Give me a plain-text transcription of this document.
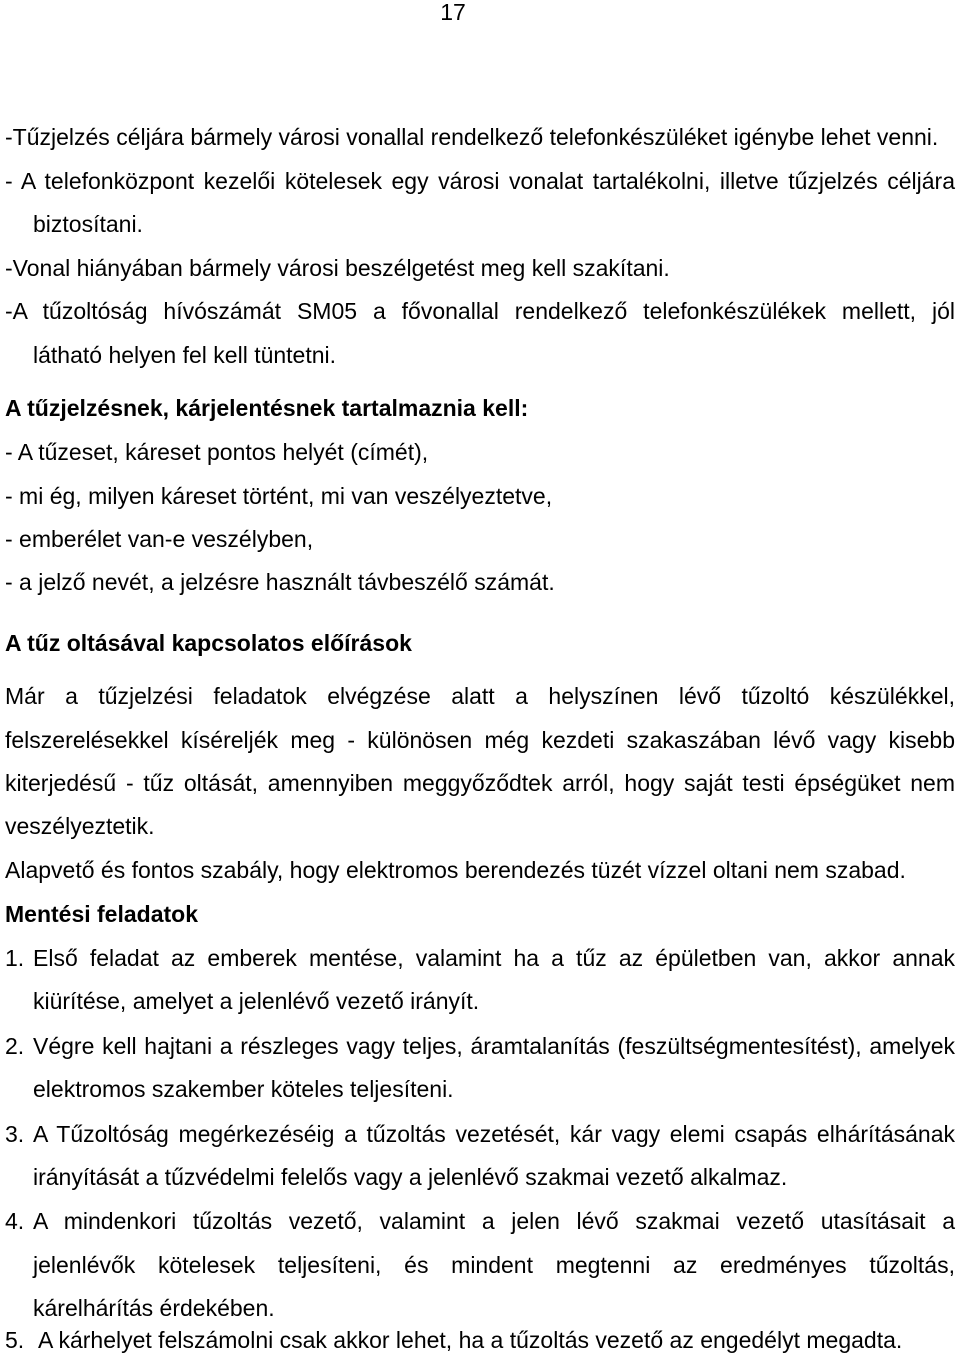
17
-Tűzjelzés céljára bármely városi vonallal rendelkező telefonkészüléket igénybe lehet venni.
- A telefonközpont kezelői kötelesek egy városi vonalat tartalékolni, illetve tűzjelzés céljára
biztosítani.
-Vonal hiányában bármely városi beszélgetést meg kell szakítani.
-A tűzoltóság hívószámát SM05 a fővonallal rendelkező telefonkészülékek mellett, jól
látható helyen fel kell tüntetni.
A tűzjelzésnek, kárjelentésnek tartalmaznia kell:
- A tűzeset, káreset pontos helyét (címét),
- mi ég, milyen káreset történt, mi van veszélyeztetve,
- emberélet van-e veszélyben,
- a jelző nevét, a jelzésre használt távbeszélő számát.
A tűz oltásával kapcsolatos előírások
Már a tűzjelzési feladatok elvégzése alatt a helyszínen lévő tűzoltó készülékkel,
felszerelésekkel kíséreljék meg - különösen még kezdeti szakaszában lévő vagy kisebb
kiterjedésű - tűz oltását, amennyiben meggyőződtek arról, hogy saját testi épségüket nem
veszélyeztetik.
Alapvető és fontos szabály, hogy elektromos berendezés tüzét vízzel oltani nem szabad.
Mentési feladatok
1. Első feladat az emberek mentése, valamint ha a tűz az épületben van, akkor annak
kiürítése, amelyet a jelenlévő vezető irányít.
2. Végre kell hajtani a részleges vagy teljes, áramtalanítás (feszültségmentesítést), amelyek
elektromos szakember köteles teljesíteni.
3. A Tűzoltóság megérkezéséig a tűzoltás vezetését, kár vagy elemi csapás elhárításának
irányítását a tűzvédelmi felelős vagy a jelenlévő szakmai vezető alkalmaz.
4. A mindenkori tűzoltás vezető, valamint a jelen lévő szakmai vezető utasításait a
jelenlévők kötelesek teljesíteni, és mindent megtenni az eredményes tűzoltás,
kárelhárítás érdekében.
5. A kárhelyet felszámolni csak akkor lehet, ha a tűzoltás vezető az engedélyt megadta.
